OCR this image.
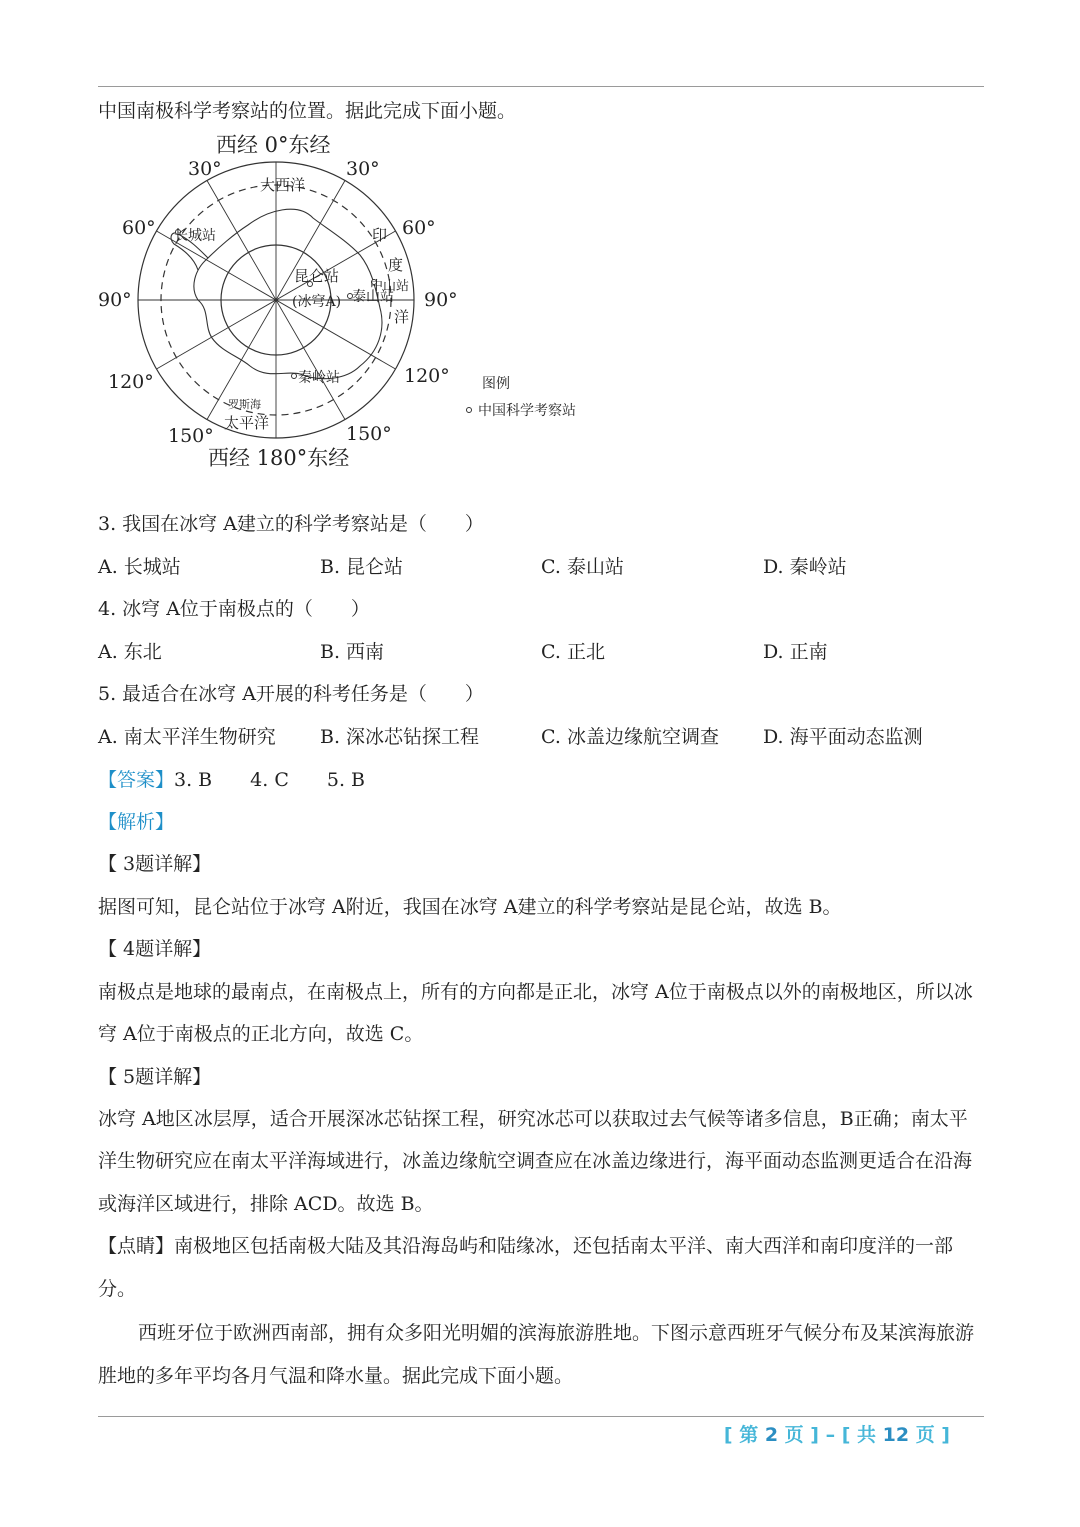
中国南极科学考察站的位置。据此完成下面小题。
西经 0°东经
西经 180°东经
30°	30°
60°	60°
90°	90°
120°	120°
150°	150°
大西洋
太平洋
印
度
洋
罗斯海
长城站
昆仑站
(冰穹A) 泰山站
中山站
秦岭站	图例
中国科学考察站
3. 我国在冰穹 A建立的科学考察站是（　　）
A. 长城站	B. 昆仑站	C. 泰山站	D. 秦岭站
4. 冰穹 A位于南极点的（　　）
A. 东北	B. 西南	C. 正北	D. 正南
5. 最适合在冰穹 A开展的科考任务是（　　）
A. 南太平洋生物研究 B. 深冰芯钻探工程	C. 冰盖边缘航空调查 D. 海平面动态监测
【答案】3. B　　4. C　　5. B
【解析】
【 3题详解】
据图可知，昆仑站位于冰穹 A附近，我国在冰穹 A建立的科学考察站是昆仑站，故选 B。
【 4题详解】
南极点是地球的最南点，在南极点上，所有的方向都是正北，冰穹 A位于南极点以外的南极地区，所以冰
穹 A位于南极点的正北方向，故选 C。
【 5题详解】
冰穹 A地区冰层厚，适合开展深冰芯钻探工程，研究冰芯可以获取过去气候等诸多信息，B正确；南太平
洋生物研究应在南太平洋海域进行，冰盖边缘航空调查应在冰盖边缘进行，海平面动态监测更适合在沿海
或海洋区域进行，排除 ACD。故选 B。
【点睛】南极地区包括南极大陆及其沿海岛屿和陆缘冰，还包括南太平洋、南大西洋和南印度洋的一部
分。
西班牙位于欧洲西南部，拥有众多阳光明媚的滨海旅游胜地。下图示意西班牙气候分布及某滨海旅游
胜地的多年平均各月气温和降水量。据此完成下面小题。
[ 第 2 页 ] – [ 共 12 页 ]
